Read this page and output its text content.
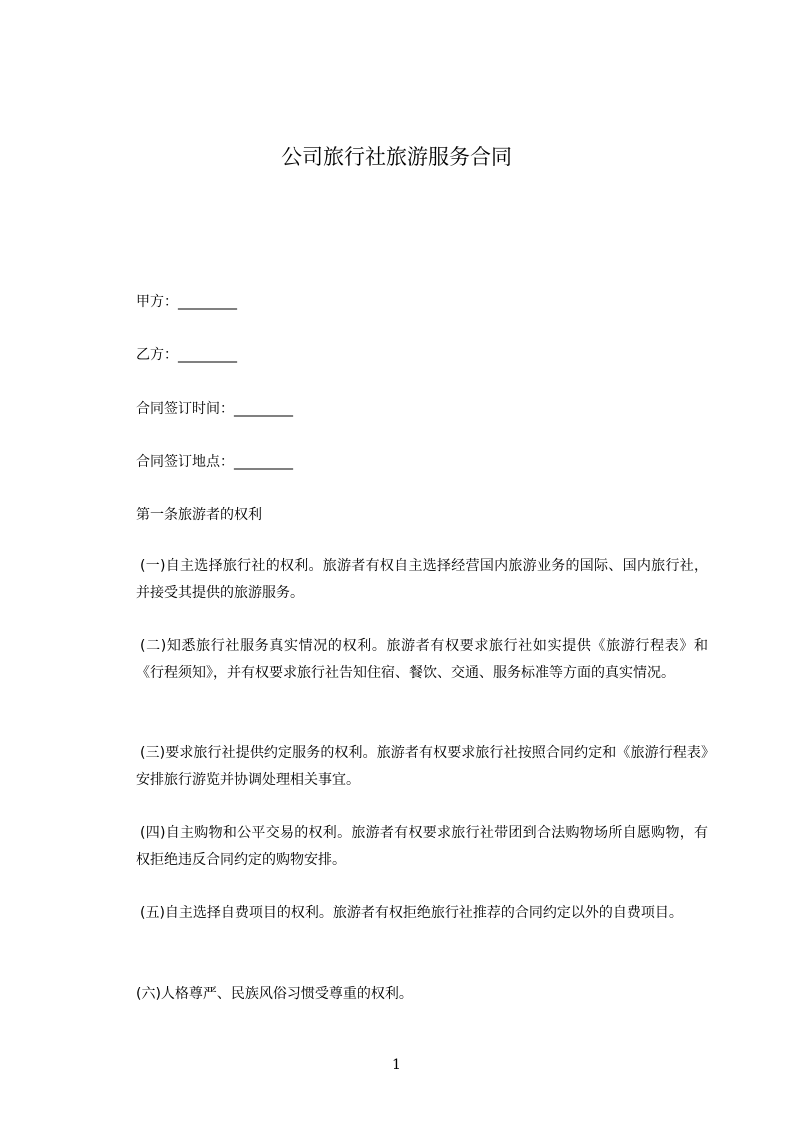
公司旅行社旅游服务合同
甲方：_________
乙方：_________
合同签订时间：_________
合同签订地点：_________
第一条旅游者的权利
(一)自主选择旅行社的权利。旅游者有权自主选择经营国内旅游业务的国际、国内旅行社，并接受其提供的旅游服务。
(二)知悉旅行社服务真实情况的权利。旅游者有权要求旅行社如实提供《旅游行程表》和《行程须知》，并有权要求旅行社告知住宿、餐饮、交通、服务标准等方面的真实情况。
(三)要求旅行社提供约定服务的权利。旅游者有权要求旅行社按照合同约定和《旅游行程表》安排旅行游览并协调处理相关事宜。
(四)自主购物和公平交易的权利。旅游者有权要求旅行社带团到合法购物场所自愿购物，有权拒绝违反合同约定的购物安排。
(五)自主选择自费项目的权利。旅游者有权拒绝旅行社推荐的合同约定以外的自费项目。
(六)人格尊严、民族风俗习惯受尊重的权利。
1
